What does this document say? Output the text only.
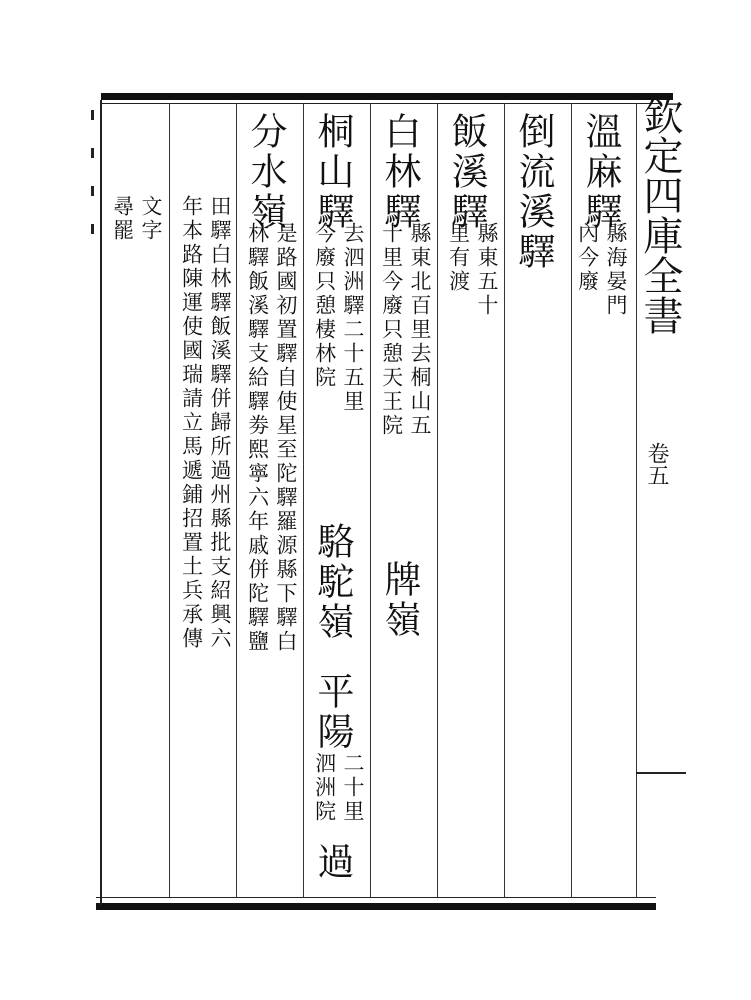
欽定四庫全書
卷五
溫麻驛
縣海晏門
內今廢
倒流溪驛
飯溪驛
縣東五十
里有渡
白林驛
縣東北百里去桐山五
十里今廢只憩天王院
牌嶺
桐山驛
去泗洲驛二十五里
今廢只憩棲林院
駱駝嶺
平陽
二十里
泗洲院
過
分水嶺
是路國初置驛自使星至陀驛羅源縣下驛白
林驛飯溪驛支給驛劵熙寧六年戚併陀驛鹽
田驛白林驛飯溪驛併歸所過州縣批支紹興六
年本路陳運使國瑞請立馬遞鋪招置土兵承傳
文字
尋罷
